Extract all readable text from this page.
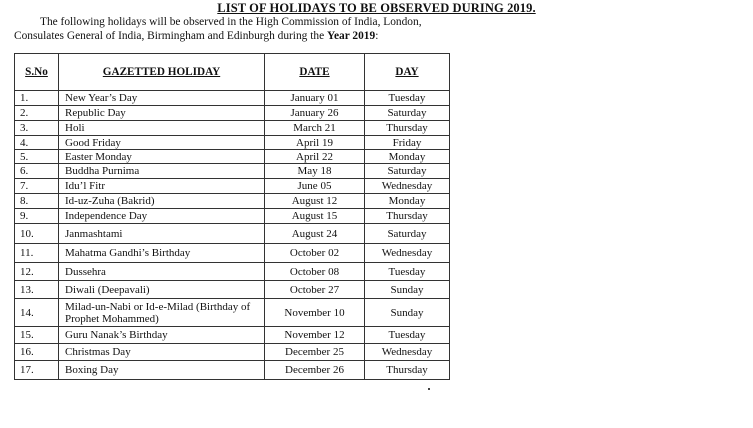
LIST OF HOLIDAYS TO BE OBSERVED DURING 2019.
The following holidays will be observed in the High Commission of India, London, Consulates General of India, Birmingham and Edinburgh during the Year 2019:
S.No	GAZETTED HOLIDAY	DATE	DAY
1.	New Year’s Day	January 01	Tuesday
2.	Republic Day	January 26	Saturday
3.	Holi	March 21	Thursday
4.	Good Friday	April 19	Friday
5.	Easter Monday	April 22	Monday
6.	Buddha Purnima	May 18	Saturday
7.	Idu’l Fitr	June 05	Wednesday
8.	Id-uz-Zuha (Bakrid)	August 12	Monday
9.	Independence Day	August 15	Thursday
10.	Janmashtami	August 24	Saturday
11.	Mahatma Gandhi’s Birthday	October 02	Wednesday
12.	Dussehra	October 08	Tuesday
13.	Diwali (Deepavali)	October 27	Sunday
14.	Milad-un-Nabi or Id-e-Milad (Birthday of Prophet Mohammed)	November 10	Sunday
15.	Guru Nanak’s Birthday	November 12	Tuesday
16.	Christmas Day	December 25	Wednesday
17.	Boxing Day	December 26	Thursday
